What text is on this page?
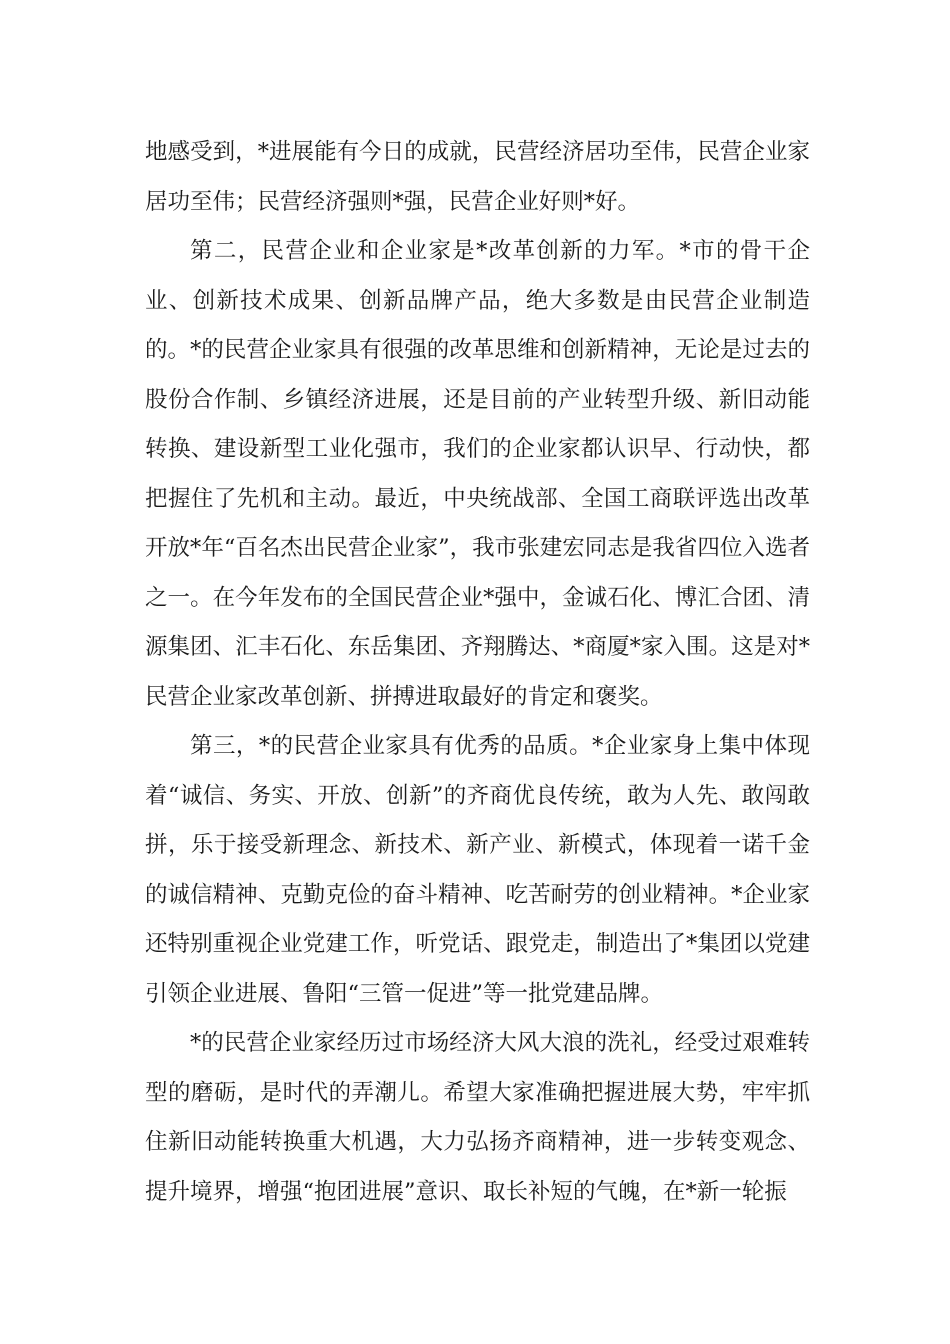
地感受到，*进展能有今日的成就，民营经济居功至伟，民营企业家居功至伟；民营经济强则*强，民营企业好则*好。

第二，民营企业和企业家是*改革创新的力军。*市的骨干企业、创新技术成果、创新品牌产品，绝大多数是由民营企业制造的。*的民营企业家具有很强的改革思维和创新精神，无论是过去的股份合作制、乡镇经济进展，还是目前的产业转型升级、新旧动能转换、建设新型工业化强市，我们的企业家都认识早、行动快，都把握住了先机和主动。最近，中央统战部、全国工商联评选出改革开放*年“百名杰出民营企业家”，我市张建宏同志是我省四位入选者之一。在今年发布的全国民营企业*强中，金诚石化、博汇合团、清源集团、汇丰石化、东岳集团、齐翔腾达、*商厦*家入围。这是对*民营企业家改革创新、拼搏进取最好的肯定和褒奖。

第三，*的民营企业家具有优秀的品质。*企业家身上集中体现着“诚信、务实、开放、创新”的齐商优良传统，敢为人先、敢闯敢拼，乐于接受新理念、新技术、新产业、新模式，体现着一诺千金的诚信精神、克勤克俭的奋斗精神、吃苦耐劳的创业精神。*企业家还特别重视企业党建工作，听党话、跟党走，制造出了*集团以党建引领企业进展、鲁阳“三管一促进”等一批党建品牌。

*的民营企业家经历过市场经济大风大浪的洗礼，经受过艰难转型的磨砺，是时代的弄潮儿。希望大家准确把握进展大势，牢牢抓住新旧动能转换重大机遇，大力弘扬齐商精神，进一步转变观念、提升境界，增强“抱团进展”意识、取长补短的气魄，在*新一轮振
